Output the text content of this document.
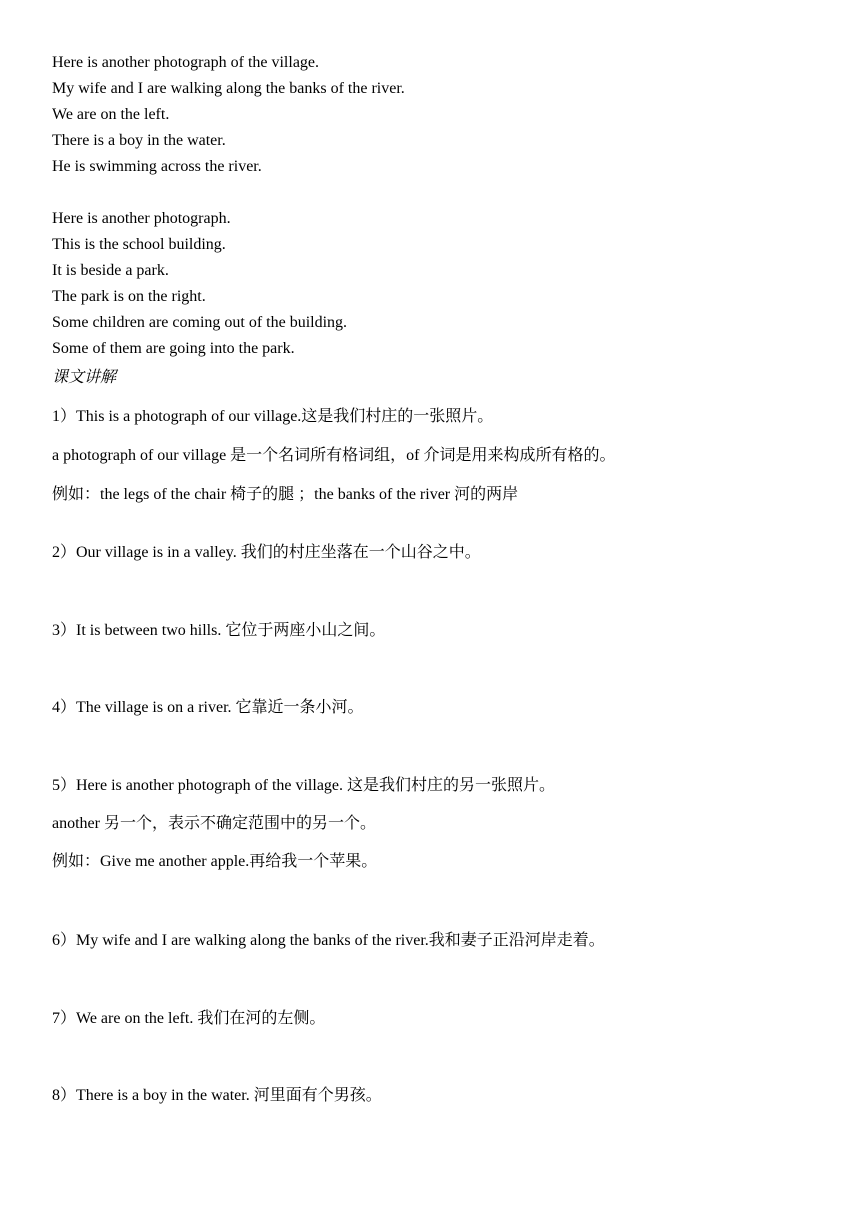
Here is another photograph of the village.
My wife and I are walking along the banks of the river.
We are on the left.
There is a boy in the water.
He is swimming across the river.
Here is another photograph.
This is the school building.
It is beside a park.
The park is on the right.
Some children are coming out of the building.
Some of them are going into the park.
课文讲解
1）This is a photograph of our village.这是我们村庄的一张照片。
a photograph of our village 是一个名词所有格词组，of 介词是用来构成所有格的。
例如：the legs of the chair 椅子的腿 ；the banks of the river 河的两岸
2）Our village is in a valley. 我们的村庄坐落在一个山谷之中。
3）It is between two hills. 它位于两座小山之间。
4）The village is on a river. 它靠近一条小河。
5）Here is another photograph of the village. 这是我们村庄的另一张照片。
another 另一个，表示不确定范围中的另一个。
例如：Give me another apple.再给我一个苹果。
6）My wife and I are walking along the banks of the river.我和妻子正沿河岸走着。
7）We are on the left. 我们在河的左侧。
8）There is a boy in the water. 河里面有个男孩。
